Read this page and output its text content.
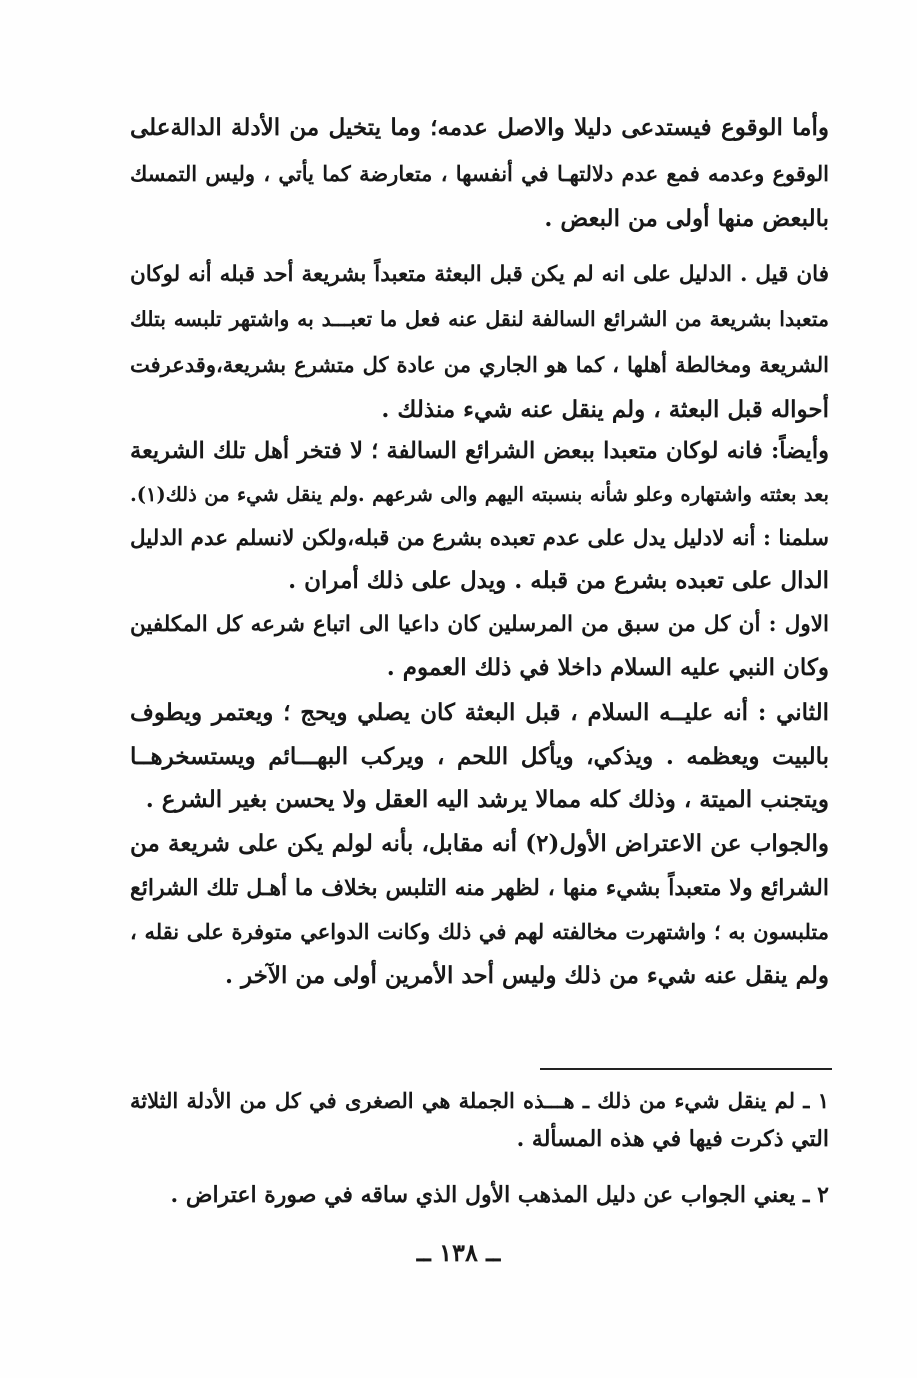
وأما الوقوع فيستدعى دليلا والاصل عدمه؛ وما يتخيل من الأدلة الدالةعلى
الوقوع وعدمه فمع عدم دلالتهـا في أنفسها ، متعارضة كما يأتي ، وليس التمسك
بالبعض منها أولى من البعض .
فان قيل . الدليل على انه لم يكن قبل البعثة متعبداً بشريعة أحد قبله أنه لوكان
متعبدا بشريعة من الشرائع السالفة لنقل عنه فعل ما تعبـــد به واشتهر تلبسه بتلك
الشريعة ومخالطة أهلها ، كما هو الجاري من عادة كل متشرع بشريعة،وقدعرفت
أحواله قبل البعثة ، ولم ينقل عنه شيء منذلك .
وأيضاً: فانه لوكان متعبدا ببعض الشرائع السالفة ؛ لا فتخر أهل تلك الشريعة
بعد بعثته واشتهاره وعلو شأنه بنسبته اليهم والى شرعهم .ولم ينقل شيء من ذلك(١).
سلمنا : أنه لادليل يدل على عدم تعبده بشرع من قبله،ولكن لانسلم عدم الدليل
الدال على تعبده بشرع من قبله . ويدل على ذلك أمران .
الاول : أن كل من سبق من المرسلين كان داعيا الى اتباع شرعه كل المكلفين
وكان النبي عليه السلام داخلا في ذلك العموم .
الثاني : أنه عليــه السلام ، قبل البعثة كان يصلي ويحج ؛ ويعتمر ويطوف
بالبيت ويعظمه . ويذكي، ويأكل اللحم ، ويركب البهـــائم ويستسخرهــا
ويتجنب الميتة ، وذلك كله ممالا يرشد اليه العقل ولا يحسن بغير الشرع .
والجواب عن الاعتراض الأول(٢) أنه مقابل، بأنه لولم يكن على شريعة من
الشرائع ولا متعبداً بشيء منها ، لظهر منه التلبس بخلاف ما أهـل تلك الشرائع
متلبسون به ؛ واشتهرت مخالفته لهم في ذلك وكانت الدواعي متوفرة على نقله ،
ولم ينقل عنه شيء من ذلك وليس أحد الأمرين أولى من الآخر .
١ ـ لم ينقل شيء من ذلك ـ هـــذه الجملة هي الصغرى في كل من الأدلة الثلاثة
التي ذكرت فيها في هذه المسألة .
٢ ـ يعني الجواب عن دليل المذهب الأول الذي ساقه في صورة اعتراض .
ــ ١٣٨ ــ
